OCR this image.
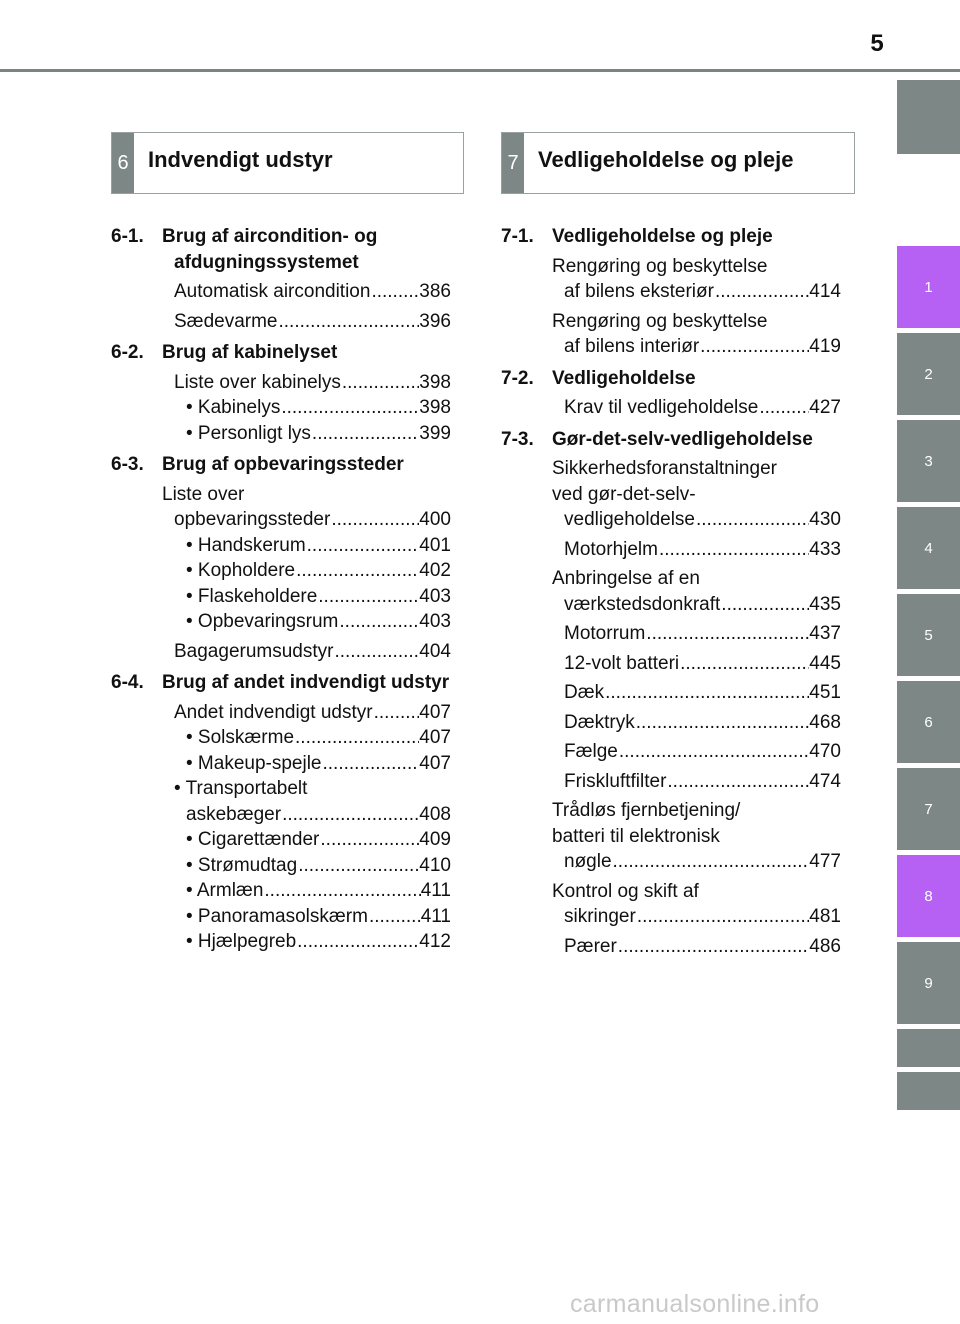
5
1
2
3
4
5
6
7
8
9
6 Indvendigt udstyr	7 Vedligeholdelse og pleje
6-1. Brug af aircondition- og afdugningssystemet
Automatisk aircondition .....	386
Sædevarme .....	396
6-2. Brug af kabinelyset
Liste over kabinelys .....	398
• Kabinelys .....	398
• Personligt lys .....	399
6-3. Brug af opbevaringssteder
Liste over
opbevaringssteder .....	400
• Handskerum .....	401
• Kopholdere .....	402
• Flaskeholdere .....	403
• Opbevaringsrum .....	403
Bagagerumsudstyr .....	404
6-4. Brug af andet indvendigt udstyr
Andet indvendigt udstyr ..... 407
• Solskærme .....	407
• Makeup-spejle .....	407
• Transportabelt
askebæger .....	408
• Cigarettænder .....	409
• Strømudtag .....	410
• Armlæn .....	411
• Panoramasolskærm .....	411
• Hjælpegreb .....	412
7-1. Vedligeholdelse og pleje
Rengøring og beskyttelse
af bilens eksteriør .....	414
Rengøring og beskyttelse
af bilens interiør .....	419
7-2. Vedligeholdelse
Krav til vedligeholdelse .....	427
7-3. Gør-det-selv-vedligeholdelse
Sikkerhedsforanstaltninger
ved gør-det-selv-
vedligeholdelse .....	430
Motorhjelm .....	433
Anbringelse af en
værkstedsdonkraft .....	435
Motorrum .....	437
12-volt batteri .....	445
Dæk .....	451
Dæktryk .....	468
Fælge .....	470
Friskluftfilter .....	474
Trådløs fjernbetjening/
batteri til elektronisk
nøgle .....	477
Kontrol og skift af
sikringer .....	481
Pærer .....	486
carmanualsonline.info
